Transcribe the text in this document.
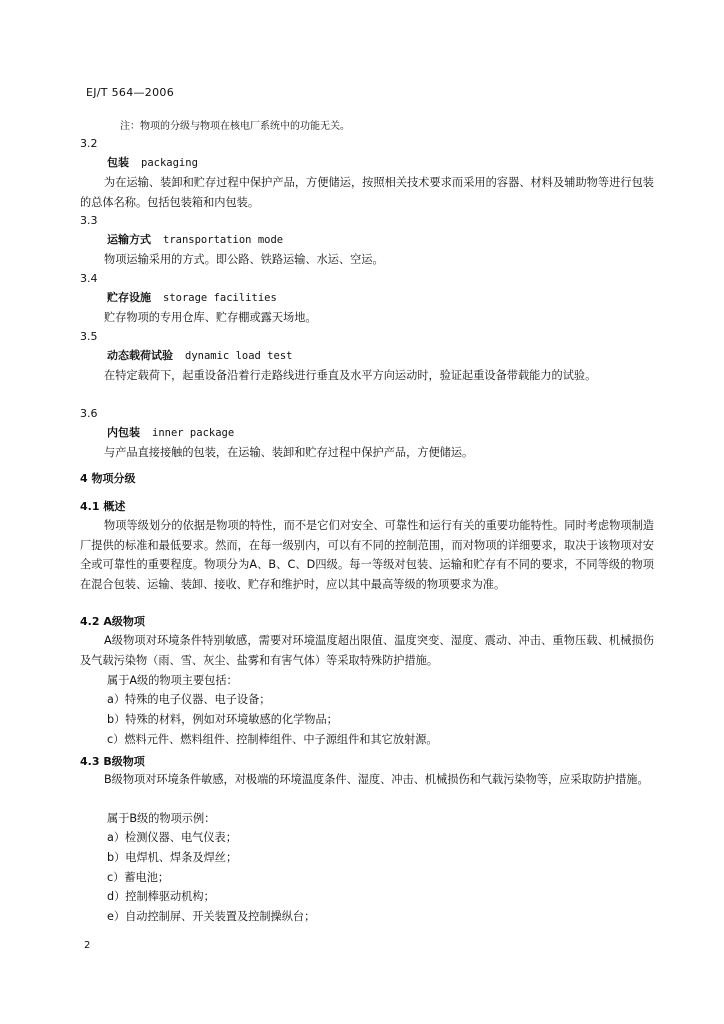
EJ/T 564—2006
注：物项的分级与物项在核电厂系统中的功能无关。
3.2
包装 packaging
为在运输、装卸和贮存过程中保护产品，方便储运，按照相关技术要求而采用的容器、材料及辅助物等进行包装的总体名称。包括包装箱和内包装。
3.3
运输方式 transportation mode
物项运输采用的方式。即公路、铁路运输、水运、空运。
3.4
贮存设施 storage facilities
贮存物项的专用仓库、贮存棚或露天场地。
3.5
动态载荷试验 dynamic load test
在特定载荷下，起重设备沿着行走路线进行垂直及水平方向运动时，验证起重设备带载能力的试验。
3.6
内包装 inner package
与产品直接接触的包装，在运输、装卸和贮存过程中保护产品，方便储运。
4 物项分级
4.1 概述
物项等级划分的依据是物项的特性，而不是它们对安全、可靠性和运行有关的重要功能特性。同时考虑物项制造厂提供的标准和最低要求。然而，在每一级别内，可以有不同的控制范围，而对物项的详细要求，取决于该物项对安全或可靠性的重要程度。物项分为A、B、C、D四级。每一等级对包装、运输和贮存有不同的要求，不同等级的物项在混合包装、运输、装卸、接收、贮存和维护时，应以其中最高等级的物项要求为准。
4.2 A级物项
A级物项对环境条件特别敏感，需要对环境温度超出限值、温度突变、湿度、震动、冲击、重物压载、机械损伤及气载污染物（雨、雪、灰尘、盐雾和有害气体）等采取特殊防护措施。
属于A级的物项主要包括：
a）特殊的电子仪器、电子设备；
b）特殊的材料，例如对环境敏感的化学物品；
c）燃料元件、燃料组件、控制棒组件、中子源组件和其它放射源。
4.3 B级物项
B级物项对环境条件敏感，对极端的环境温度条件、湿度、冲击、机械损伤和气载污染物等，应采取防护措施。
属于B级的物项示例：
a）检测仪器、电气仪表；
b）电焊机、焊条及焊丝；
c）蓄电池；
d）控制棒驱动机构；
e）自动控制屏、开关装置及控制操纵台；
2
